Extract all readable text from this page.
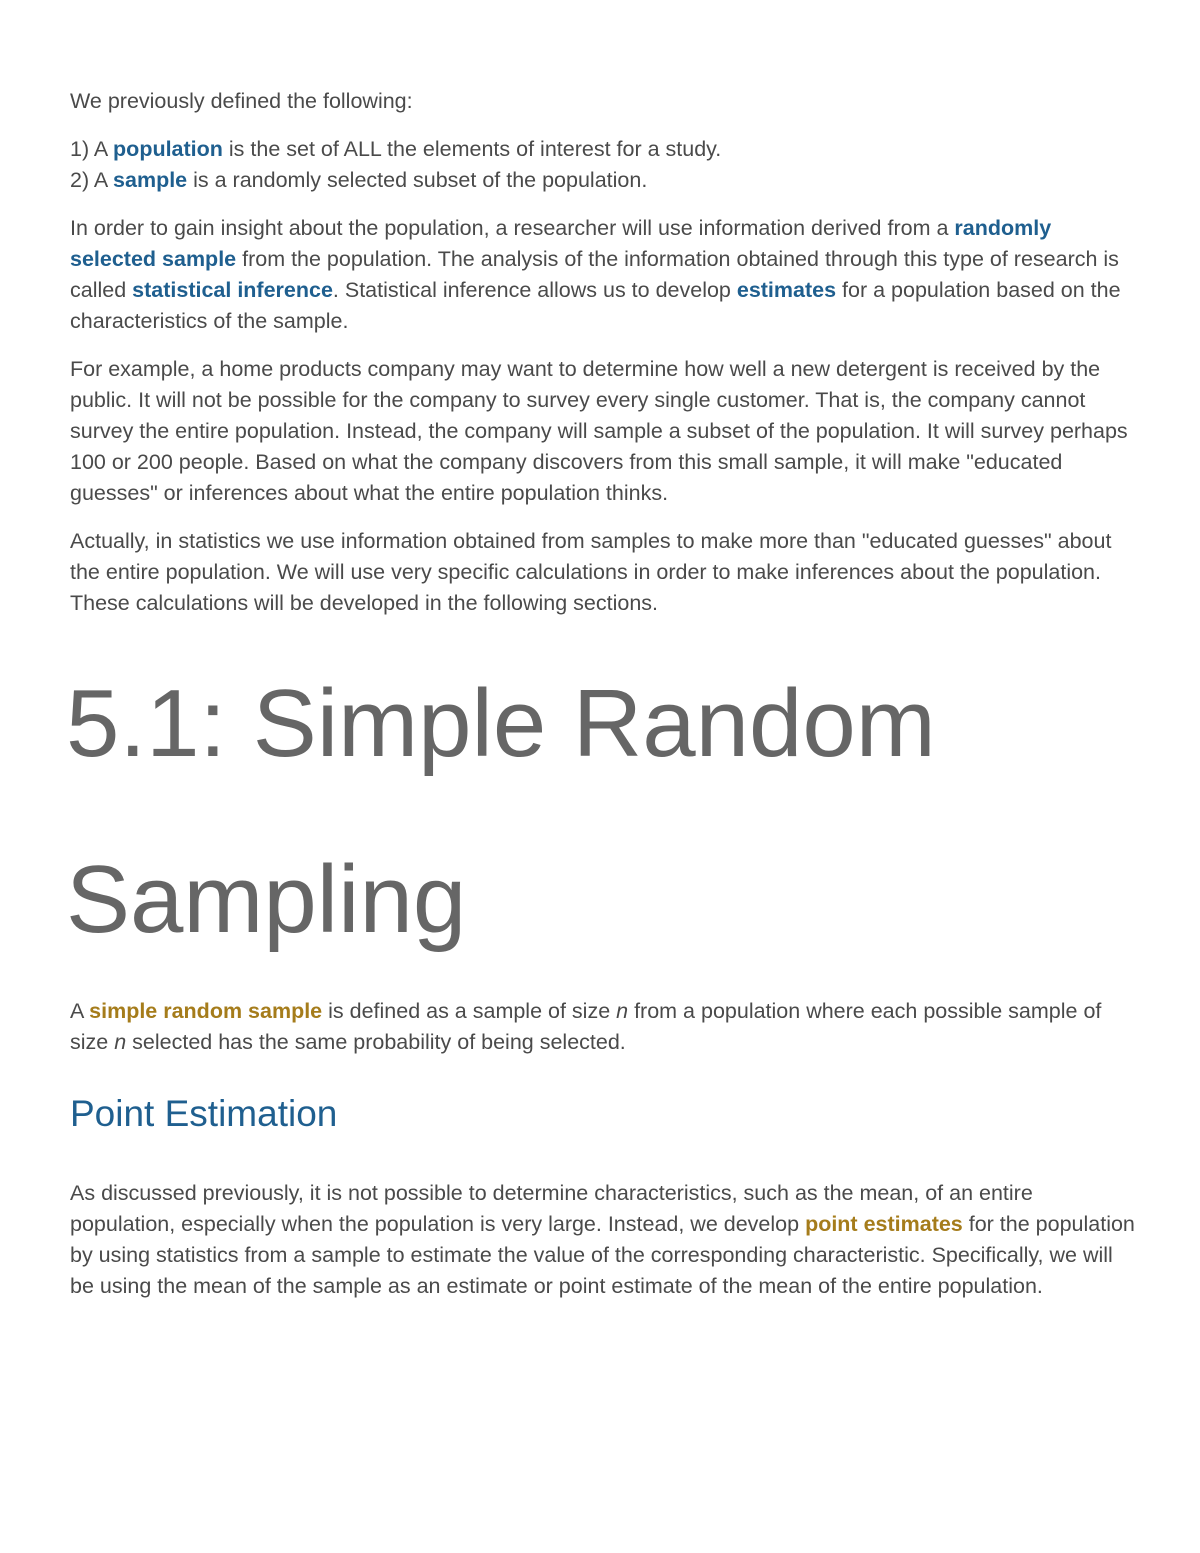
We previously defined the following:

1) A population is the set of ALL the elements of interest for a study.

2) A sample is a randomly selected subset of the population.

In order to gain insight about the population, a researcher will use information derived from a randomly selected sample from the population. The analysis of the information obtained through this type of research is called statistical inference. Statistical inference allows us to develop estimates for a population based on the characteristics of the sample.

For example, a home products company may want to determine how well a new detergent is received by the public. It will not be possible for the company to survey every single customer. That is, the company cannot survey the entire population. Instead, the company will sample a subset of the population. It will survey perhaps 100 or 200 people. Based on what the company discovers from this small sample, it will make "educated guesses" or inferences about what the entire population thinks.

Actually, in statistics we use information obtained from samples to make more than "educated guesses" about the entire population. We will use very specific calculations in order to make inferences about the population. These calculations will be developed in the following sections.

5.1: Simple Random Sampling

A simple random sample is defined as a sample of size n from a population where each possible sample of size n selected has the same probability of being selected.

Point Estimation

As discussed previously, it is not possible to determine characteristics, such as the mean, of an entire population, especially when the population is very large. Instead, we develop point estimates for the population by using statistics from a sample to estimate the value of the corresponding characteristic. Specifically, we will be using the mean of the sample as an estimate or point estimate of the mean of the entire population.
